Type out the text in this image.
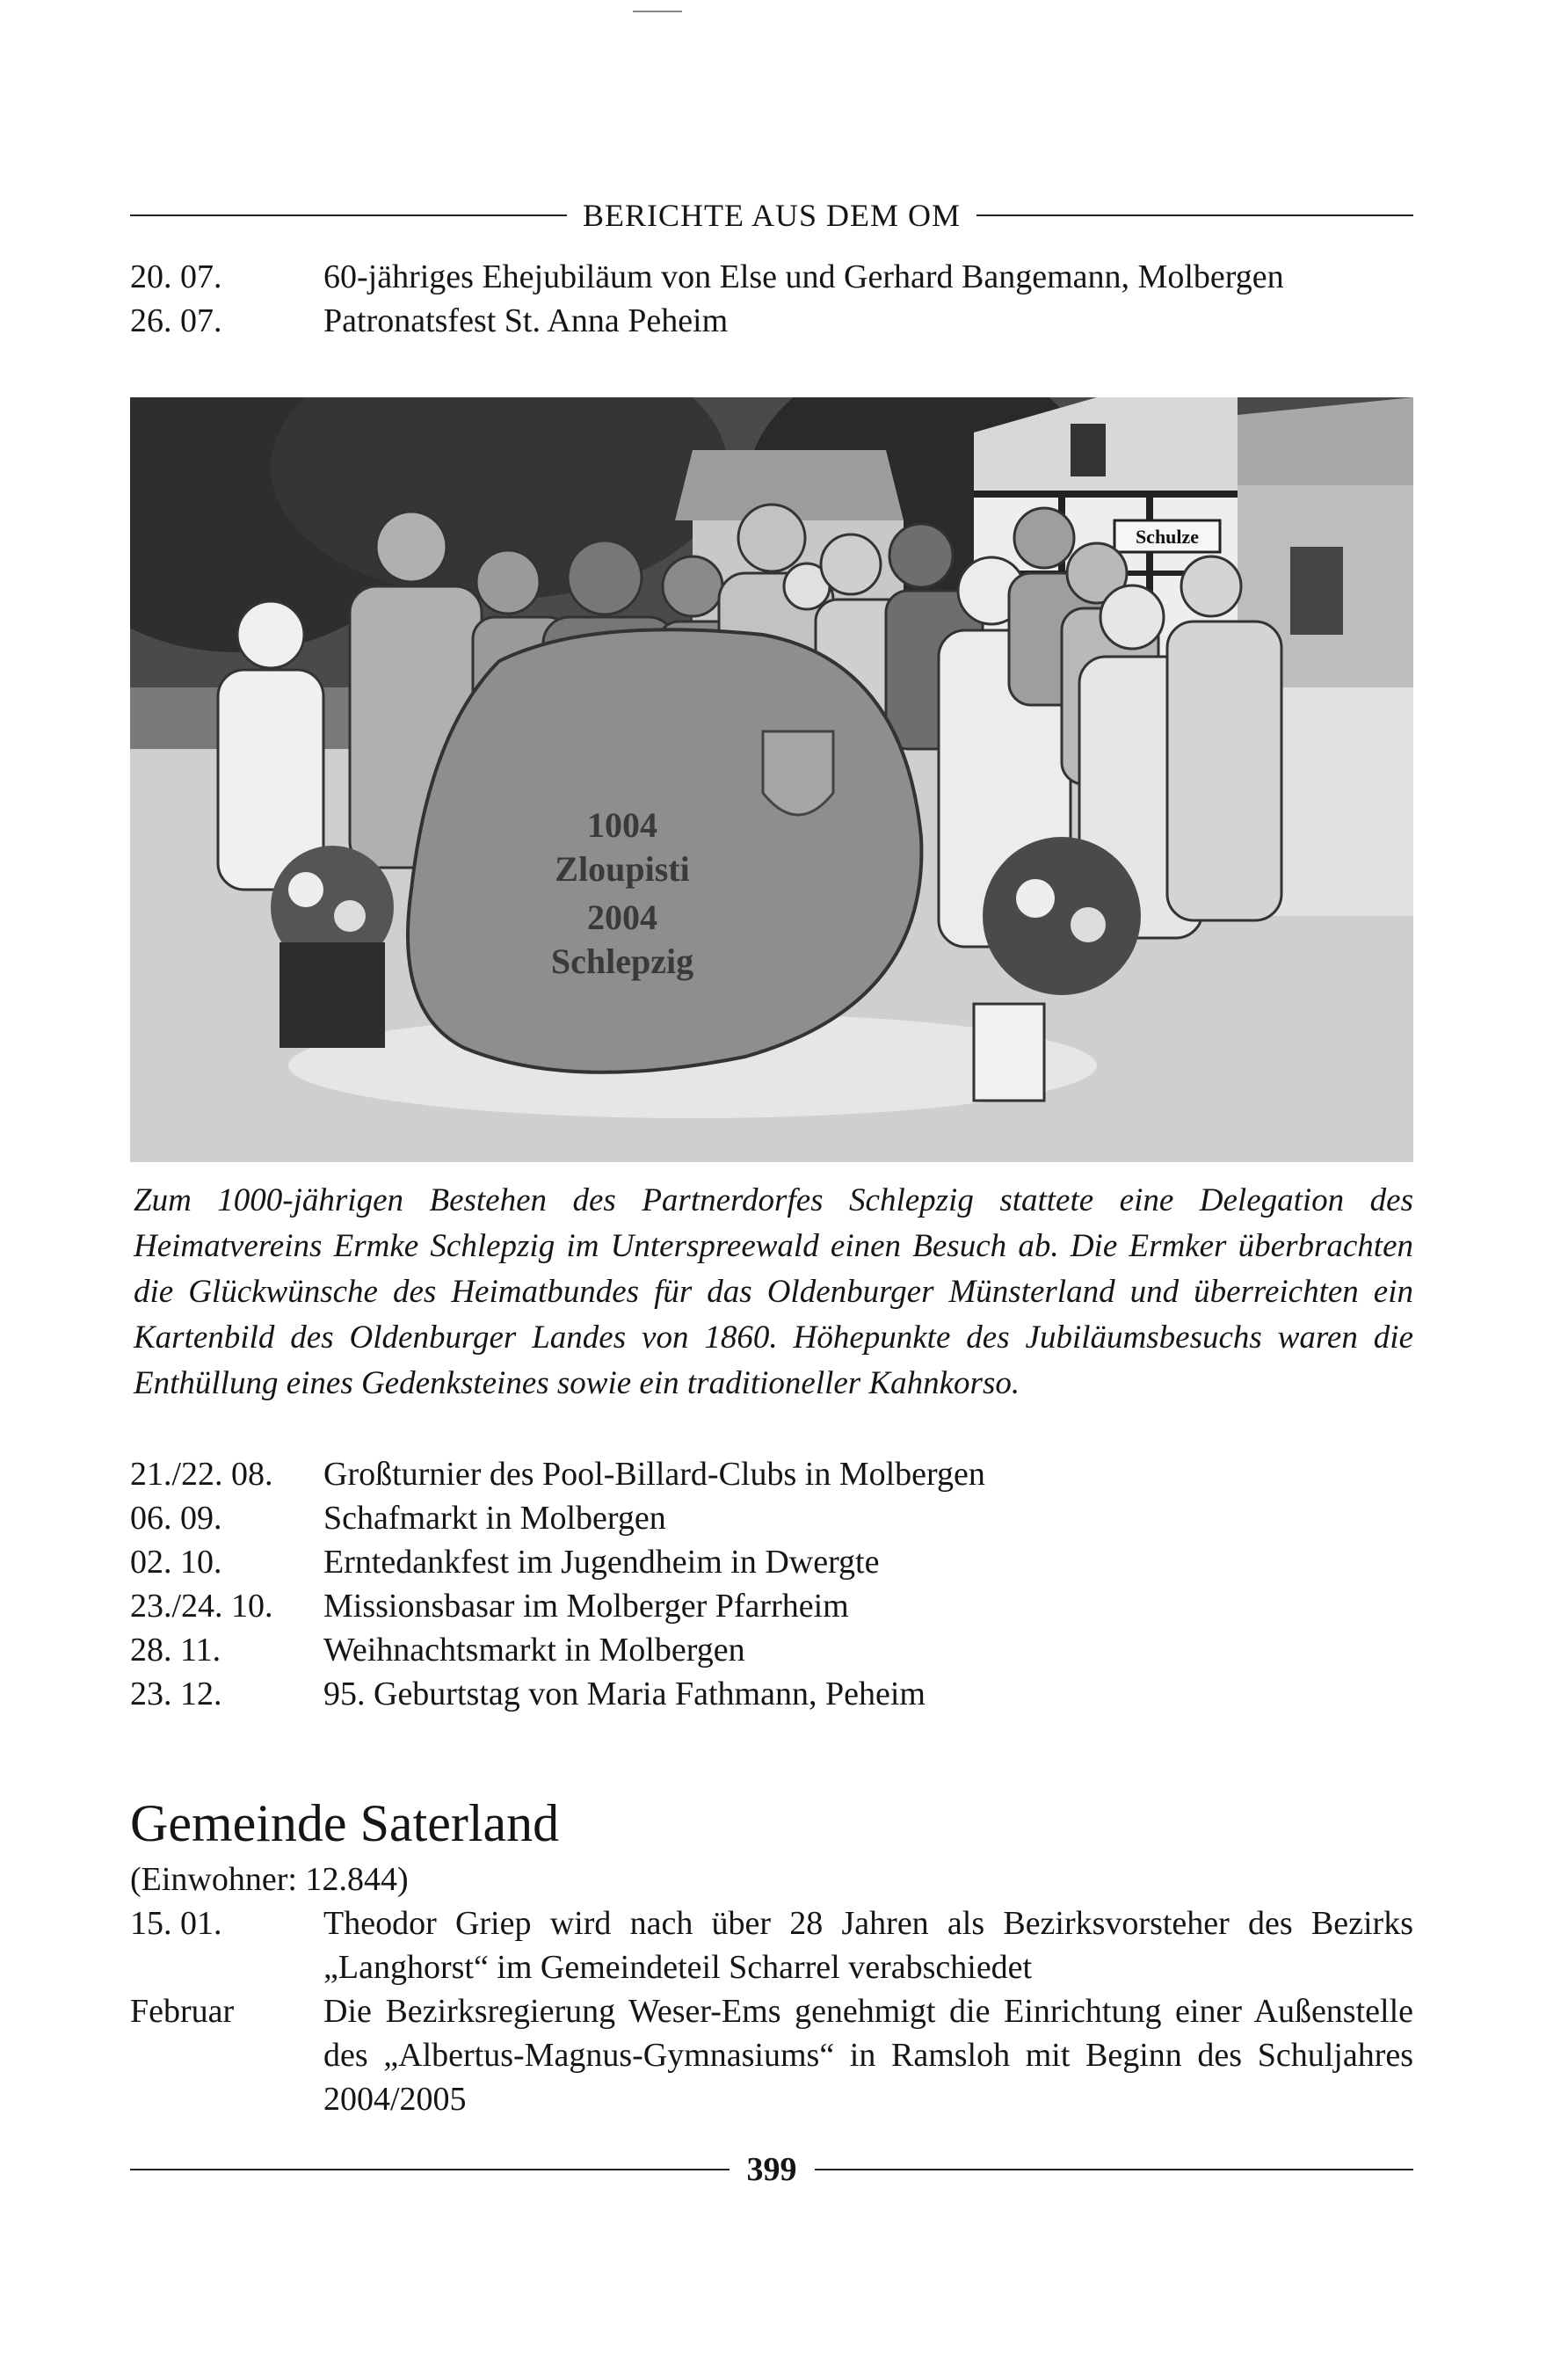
BERICHTE AUS DEM OM
20. 07.	60-jähriges Ehejubiläum von Else und Gerhard Bangemann, Molbergen
26. 07.	Patronatsfest St. Anna Peheim
Schulze
1004
Zloupisti
2004
Schlepzig
Zum 1000-jährigen Bestehen des Partnerdorfes Schlepzig stattete eine Delegation des Heimatvereins Ermke Schlepzig im Unterspreewald einen Besuch ab. Die Ermker überbrachten die Glückwünsche des Heimatbundes für das Oldenburger Münsterland und überreichten ein Kartenbild des Oldenburger Landes von 1860. Höhepunkte des Jubiläumsbesuchs waren die Enthüllung eines Gedenksteines sowie ein traditioneller Kahnkorso.
21./22. 08. Großturnier des Pool-Billard-Clubs in Molbergen
06. 09.	Schafmarkt in Molbergen
02. 10.	Erntedankfest im Jugendheim in Dwergte
23./24. 10. Missionsbasar im Molberger Pfarrheim
28. 11.	Weihnachtsmarkt in Molbergen
23. 12.	95. Geburtstag von Maria Fathmann, Peheim
Gemeinde Saterland
(Einwohner: 12.844)
15. 01.	Theodor Griep wird nach über 28 Jahren als Bezirksvorsteher des Bezirks „Langhorst“ im Gemeindeteil Scharrel verabschiedet
Februar	Die Bezirksregierung Weser-Ems genehmigt die Einrichtung einer Außenstelle des „Albertus-Magnus-Gymnasiums“ in Ramsloh mit Beginn des Schuljahres 2004/2005
399
